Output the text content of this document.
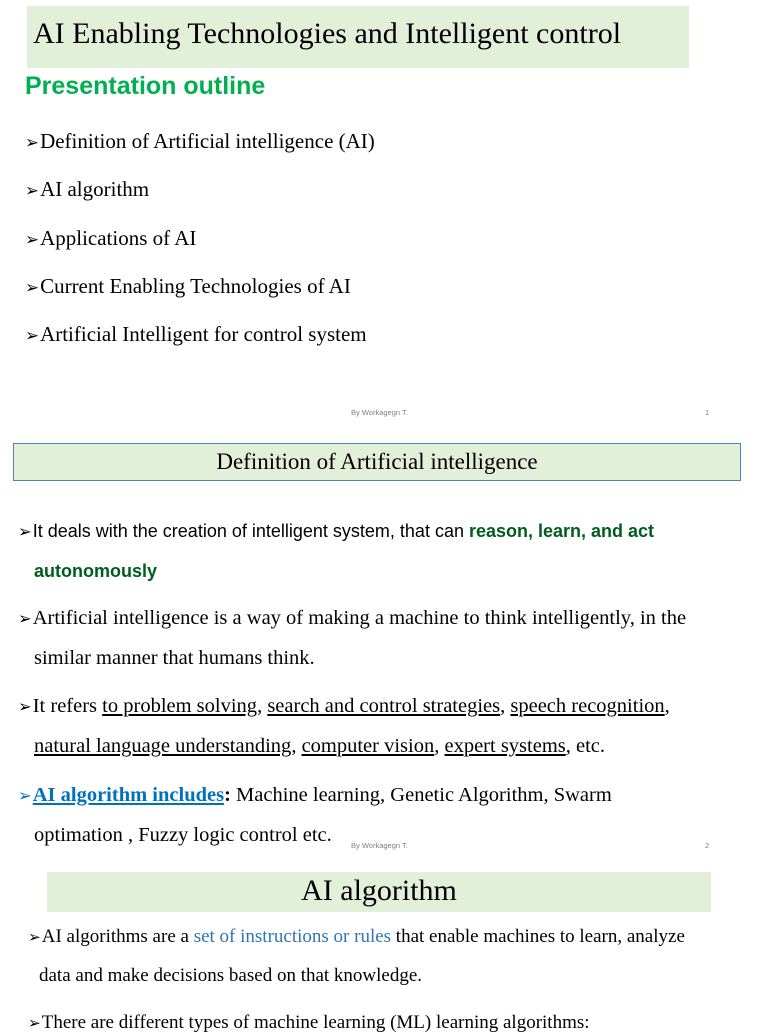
AI Enabling Technologies and Intelligent control
Presentation outline
➢Definition of Artificial intelligence (AI)
➢AI algorithm
➢Applications of AI
➢Current Enabling Technologies of AI
➢Artificial Intelligent for control system
By Workagegn T.	1
Definition of Artificial intelligence
➢It deals with the creation of intelligent system, that can reason, learn, and act
autonomously
➢Artificial intelligence is a way of making a machine to think intelligently, in the
similar manner that humans think.
➢It refers to problem solving, search and control strategies, speech recognition,
natural language understanding, computer vision, expert systems, etc.
➢AI algorithm includes: Machine learning, Genetic Algorithm, Swarm
optimation , Fuzzy logic control etc.	By Workagegn T.	2
AI algorithm
➢AI algorithms are a set of instructions or rules that enable machines to learn, analyze
data and make decisions based on that knowledge.
➢There are different types of machine learning (ML) learning algorithms:
